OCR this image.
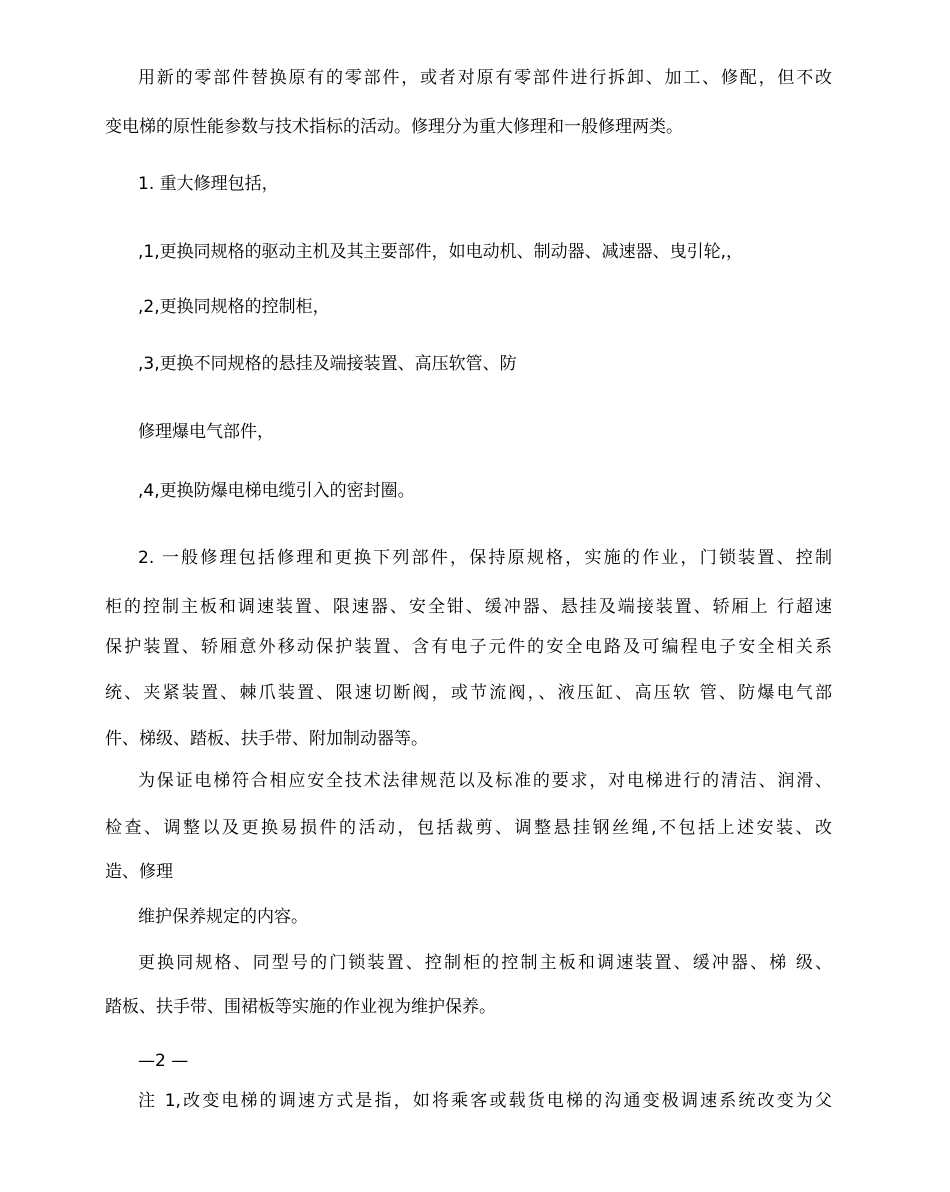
用新的零部件替换原有的零部件，或者对原有零部件进行拆卸、加工、修配，但不改
变电梯的原性能参数与技术指标的活动。修理分为重大修理和一般修理两类。
1. 重大修理包括，
,1,更换同规格的驱动主机及其主要部件，如电动机、制动器、减速器、曳引轮,，
,2,更换同规格的控制柜，
,3,更换不同规格的悬挂及端接装置、高压软管、防
修理爆电气部件，
,4,更换防爆电梯电缆引入的密封圈。
2. 一般修理包括修理和更换下列部件，保持原规格，实施的作业，门锁装置、控制
柜的控制主板和调速装置、限速器、安全钳、缓冲器、悬挂及端接装置、轿厢上 行超速
保护装置、轿厢意外移动保护装置、含有电子元件的安全电路及可编程电子安全相关系
统、夹紧装置、棘爪装置、限速切断阀，或节流阀，、液压缸、高压软 管、防爆电气部
件、梯级、踏板、扶手带、附加制动器等。
为保证电梯符合相应安全技术法律规范以及标准的要求，对电梯进行的清洁、润滑、
检查、调整以及更换易损件的活动，包括裁剪、调整悬挂钢丝绳,不包括上述安装、改
造、修理
维护保养规定的内容。
更换同规格、同型号的门锁装置、控制柜的控制主板和调速装置、缓冲器、梯 级、
踏板、扶手带、围裙板等实施的作业视为维护保养。
—2 —
注 1,改变电梯的调速方式是指，如将乘客或载货电梯的沟通变极调速系统改变为父
